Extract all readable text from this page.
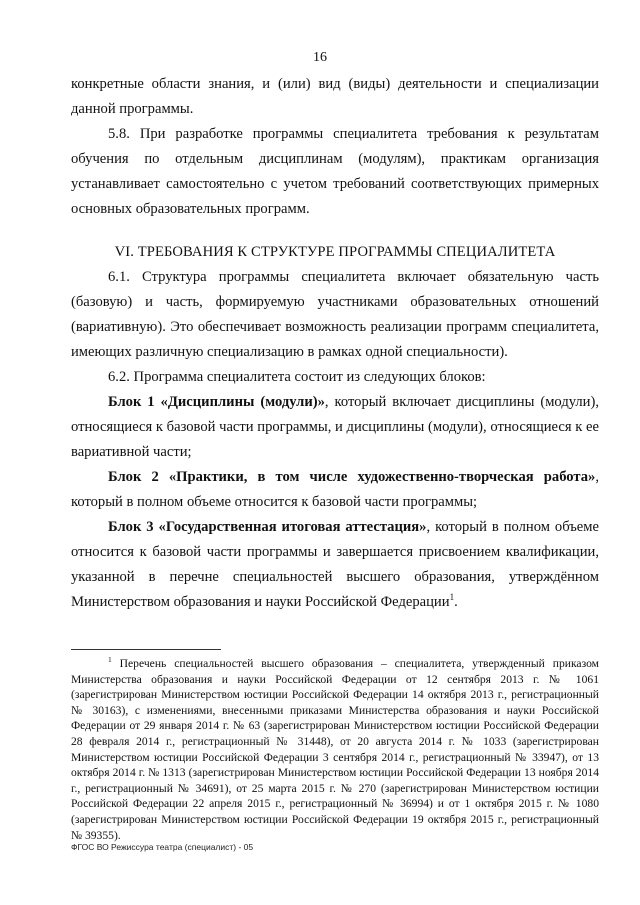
16

конкретные области знания, и (или) вид (виды) деятельности и специализации данной программы.

5.8. При разработке программы специалитета требования к результатам обучения по отдельным дисциплинам (модулям), практикам организация устанавливает самостоятельно с учетом требований соответствующих примерных основных образовательных программ.

VI. ТРЕБОВАНИЯ К СТРУКТУРЕ ПРОГРАММЫ СПЕЦИАЛИТЕТА

6.1. Структура программы специалитета включает обязательную часть (базовую) и часть, формируемую участниками образовательных отношений (вариативную). Это обеспечивает возможность реализации программ специалитета, имеющих различную специализацию в рамках одной специальности).

6.2. Программа специалитета состоит из следующих блоков:

Блок 1 «Дисциплины (модули)», который включает дисциплины (модули), относящиеся к базовой части программы, и дисциплины (модули), относящиеся к ее вариативной части;

Блок 2 «Практики, в том числе художественно-творческая работа», который в полном объеме относится к базовой части программы;

Блок 3 «Государственная итоговая аттестация», который в полном объеме относится к базовой части программы и завершается присвоением квалификации, указанной в перечне специальностей высшего образования, утверждённом Министерством образования и науки Российской Федерации$^1$.

$^1$ Перечень специальностей высшего образования – специалитета, утвержденный приказом Министерства образования и науки Российской Федерации от 12 сентября 2013 г. № 1061 (зарегистрирован Министерством юстиции Российской Федерации 14 октября 2013 г., регистрационный № 30163), с изменениями, внесенными приказами Министерства образования и науки Российской Федерации от 29 января 2014 г. № 63 (зарегистрирован Министерством юстиции Российской Федерации 28 февраля 2014 г., регистрационный № 31448), от 20 августа 2014 г. № 1033 (зарегистрирован Министерством юстиции Российской Федерации 3 сентября 2014 г., регистрационный № 33947), от 13 октября 2014 г. № 1313 (зарегистрирован Министерством юстиции Российской Федерации 13 ноября 2014 г., регистрационный № 34691), от 25 марта 2015 г. № 270 (зарегистрирован Министерством юстиции Российской Федерации 22 апреля 2015 г., регистрационный № 36994) и от 1 октября 2015 г. № 1080 (зарегистрирован Министерством юстиции Российской Федерации 19 октября 2015 г., регистрационный № 39355).

ФГОС ВО Режиссура театра (специалист) - 05
